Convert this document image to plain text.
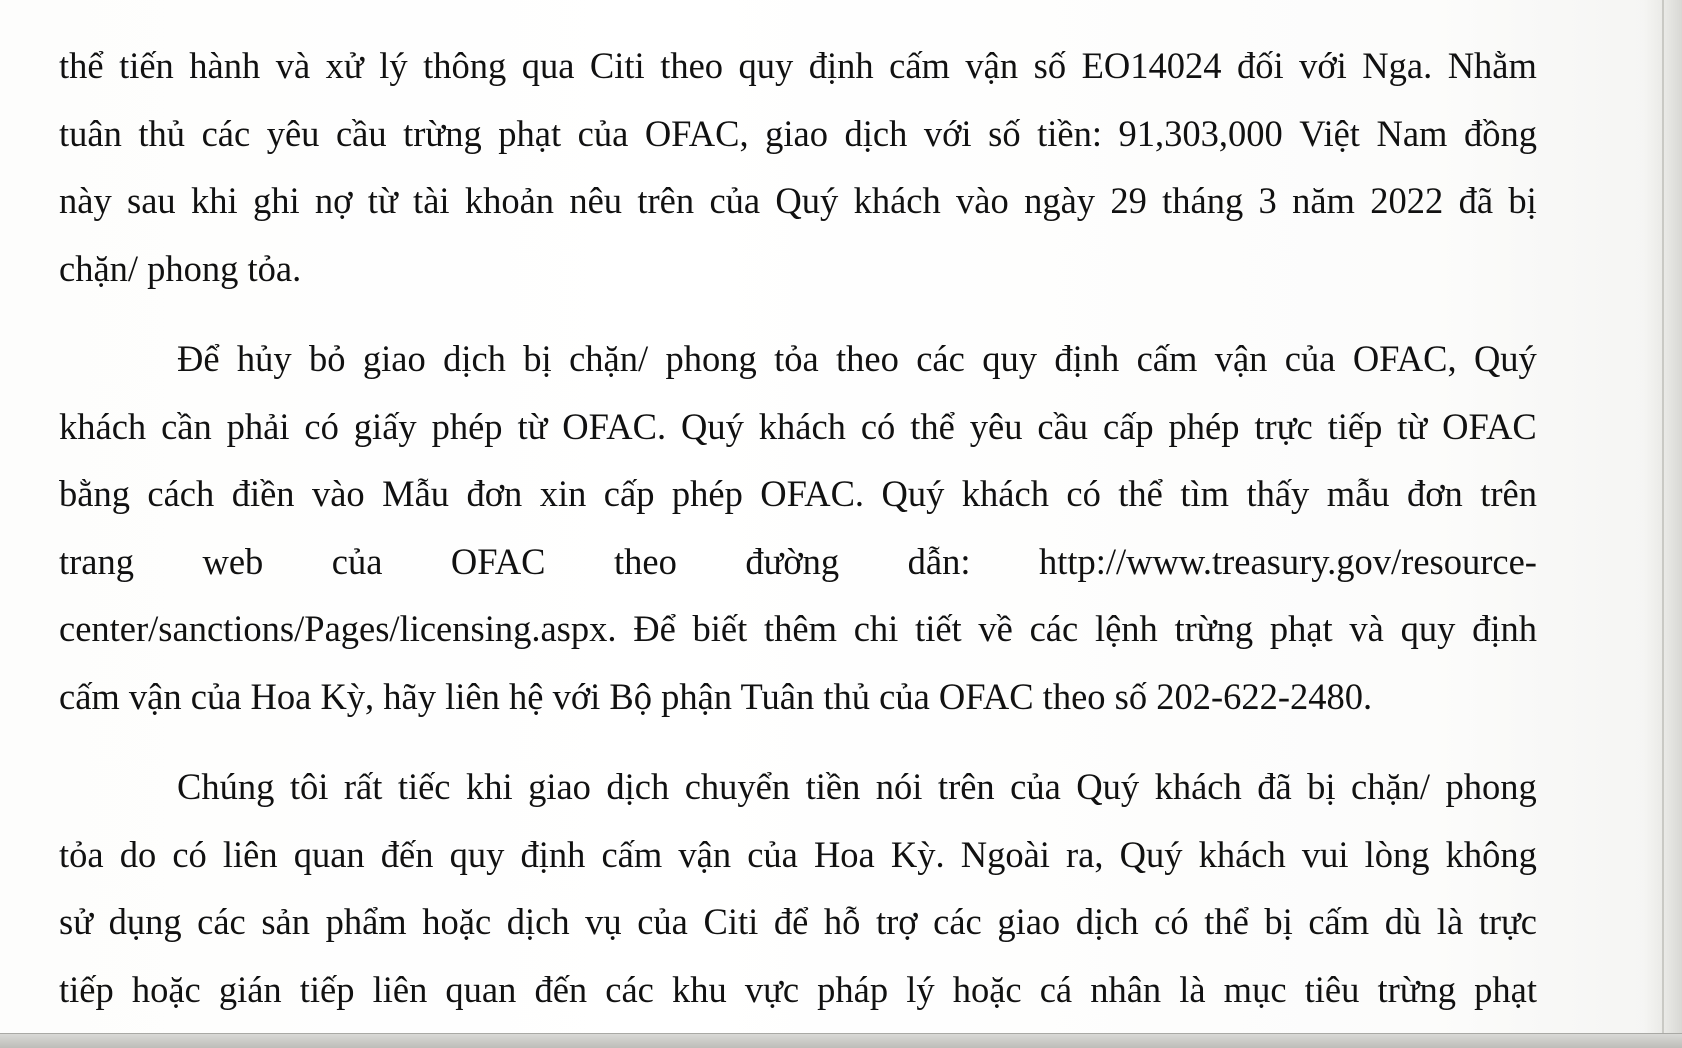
thể tiến hành và xử lý thông qua Citi theo quy định cấm vận số EO14024 đối với Nga. Nhằm
tuân thủ các yêu cầu trừng phạt của OFAC, giao dịch với số tiền: 91,303,000 Việt Nam đồng
này sau khi ghi nợ từ tài khoản nêu trên của Quý khách vào ngày 29 tháng 3 năm 2022 đã bị
chặn/ phong tỏa.
Để hủy bỏ giao dịch bị chặn/ phong tỏa theo các quy định cấm vận của OFAC, Quý
khách cần phải có giấy phép từ OFAC. Quý khách có thể yêu cầu cấp phép trực tiếp từ OFAC
bằng cách điền vào Mẫu đơn xin cấp phép OFAC. Quý khách có thể tìm thấy mẫu đơn trên
trang web của OFAC theo đường dẫn: http://www.treasury.gov/resource-
center/sanctions/Pages/licensing.aspx. Để biết thêm chi tiết về các lệnh trừng phạt và quy định
cấm vận của Hoa Kỳ, hãy liên hệ với Bộ phận Tuân thủ của OFAC theo số 202-622-2480.
Chúng tôi rất tiếc khi giao dịch chuyển tiền nói trên của Quý khách đã bị chặn/ phong
tỏa do có liên quan đến quy định cấm vận của Hoa Kỳ. Ngoài ra, Quý khách vui lòng không
sử dụng các sản phẩm hoặc dịch vụ của Citi để hỗ trợ các giao dịch có thể bị cấm dù là trực
tiếp hoặc gián tiếp liên quan đến các khu vực pháp lý hoặc cá nhân là mục tiêu trừng phạt
